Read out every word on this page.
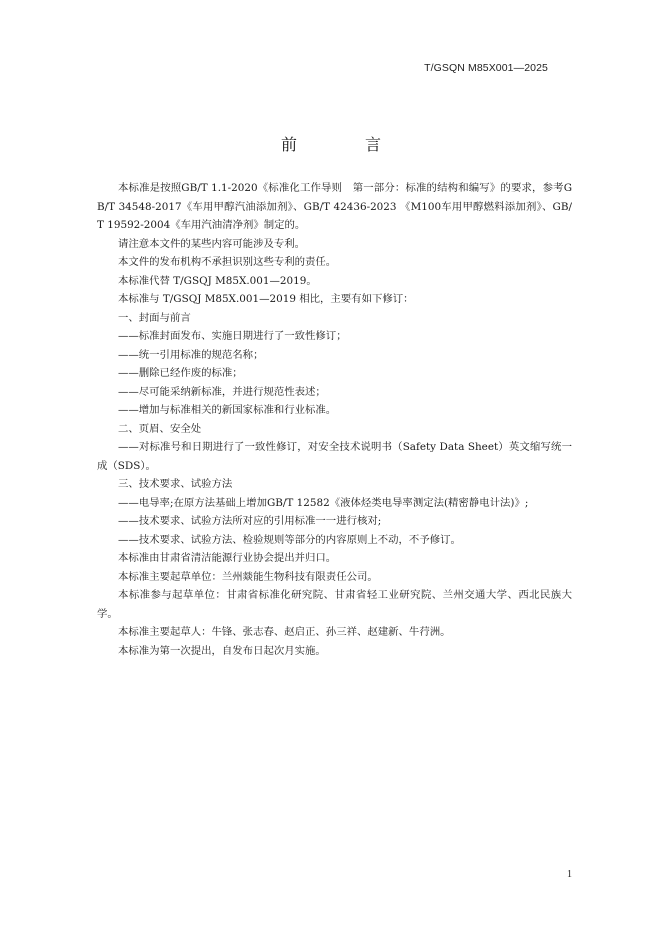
T/GSQN M85X001—2025
前　言

本标准是按照GB/T 1.1-2020《标准化工作导则　第一部分：标准的结构和编写》的要求，参考GB/T 34548-2017《车用甲醇汽油添加剂》、GB/T 42436-2023 《M100车用甲醇燃料添加剂》、GB/T 19592-2004《车用汽油清净剂》制定的。

请注意本文件的某些内容可能涉及专利。

本文件的发布机构不承担识别这些专利的责任。

本标准代替 T/GSQJ M85X.001—2019。

本标准与 T/GSQJ M85X.001—2019 相比，主要有如下修订：

一、封面与前言

——标准封面发布、实施日期进行了一致性修订；

——统一引用标准的规范名称；

——删除已经作废的标准；

——尽可能采纳新标准，并进行规范性表述；

——增加与标准相关的新国家标准和行业标准。

二、页眉、安全处

——对标准号和日期进行了一致性修订，对安全技术说明书（Safety Data Sheet）英文缩写统一成（SDS）。

三、技术要求、试验方法

——电导率;在原方法基础上增加GB/T 12582《液体烃类电导率测定法(精密静电计法)》;

——技术要求、试验方法所对应的引用标准一一进行核对;

——技术要求、试验方法、检验规则等部分的内容原则上不动，不予修订。

本标准由甘肃省清洁能源行业协会提出并归口。

本标准主要起草单位：兰州燚能生物科技有限责任公司。

本标准参与起草单位：甘肃省标准化研究院、甘肃省轻工业研究院、兰州交通大学、西北民族大学。

本标准主要起草人：牛锋、张志春、赵启正、孙三祥、赵建新、牛荇洲。

本标准为第一次提出，自发布日起次月实施。

1
